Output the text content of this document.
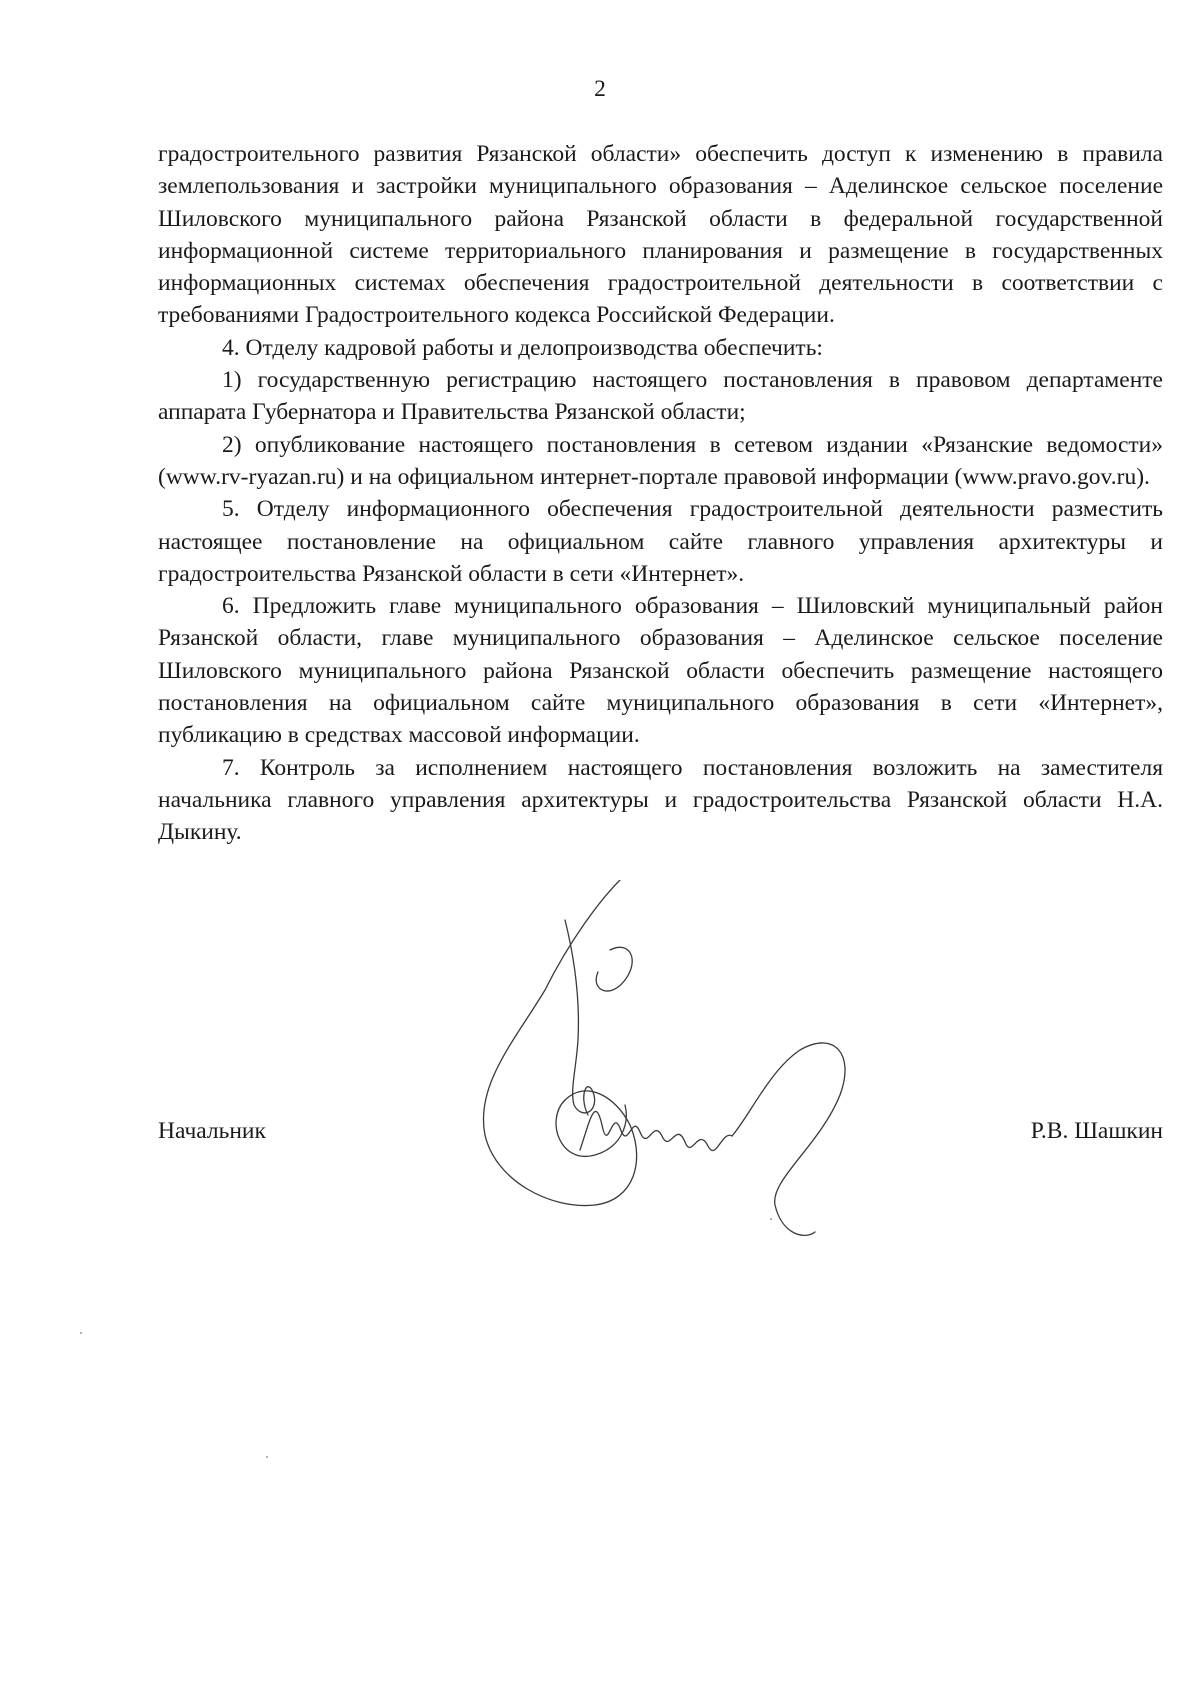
2

градостроительного развития Рязанской области» обеспечить доступ к изменению в правила землепользования и застройки муниципального образования – Аделинское сельское поселение Шиловского муниципального района Рязанской области в федеральной государственной информационной системе территориального планирования и размещение в государственных информационных системах обеспечения градостроительной деятельности в соответствии с требованиями Градостроительного кодекса Российской Федерации.

4. Отделу кадровой работы и делопроизводства обеспечить:

1) государственную регистрацию настоящего постановления в правовом департаменте аппарата Губернатора и Правительства Рязанской области;

2) опубликование настоящего постановления в сетевом издании «Рязанские ведомости» (www.rv-ryazan.ru) и на официальном интернет-портале правовой информации (www.pravo.gov.ru).

5. Отделу информационного обеспечения градостроительной деятельности разместить настоящее постановление на официальном сайте главного управления архитектуры и градостроительства Рязанской области в сети «Интернет».

6. Предложить главе муниципального образования – Шиловский муниципальный район Рязанской области, главе муниципального образования – Аделинское сельское поселение Шиловского муниципального района Рязанской области обеспечить размещение настоящего постановления на официальном сайте муниципального образования в сети «Интернет», публикацию в средствах массовой информации.

7. Контроль за исполнением настоящего постановления возложить на заместителя начальника главного управления архитектуры и градостроительства Рязанской области Н.А. Дыкину.

Начальник	Р.В. Шашкин
